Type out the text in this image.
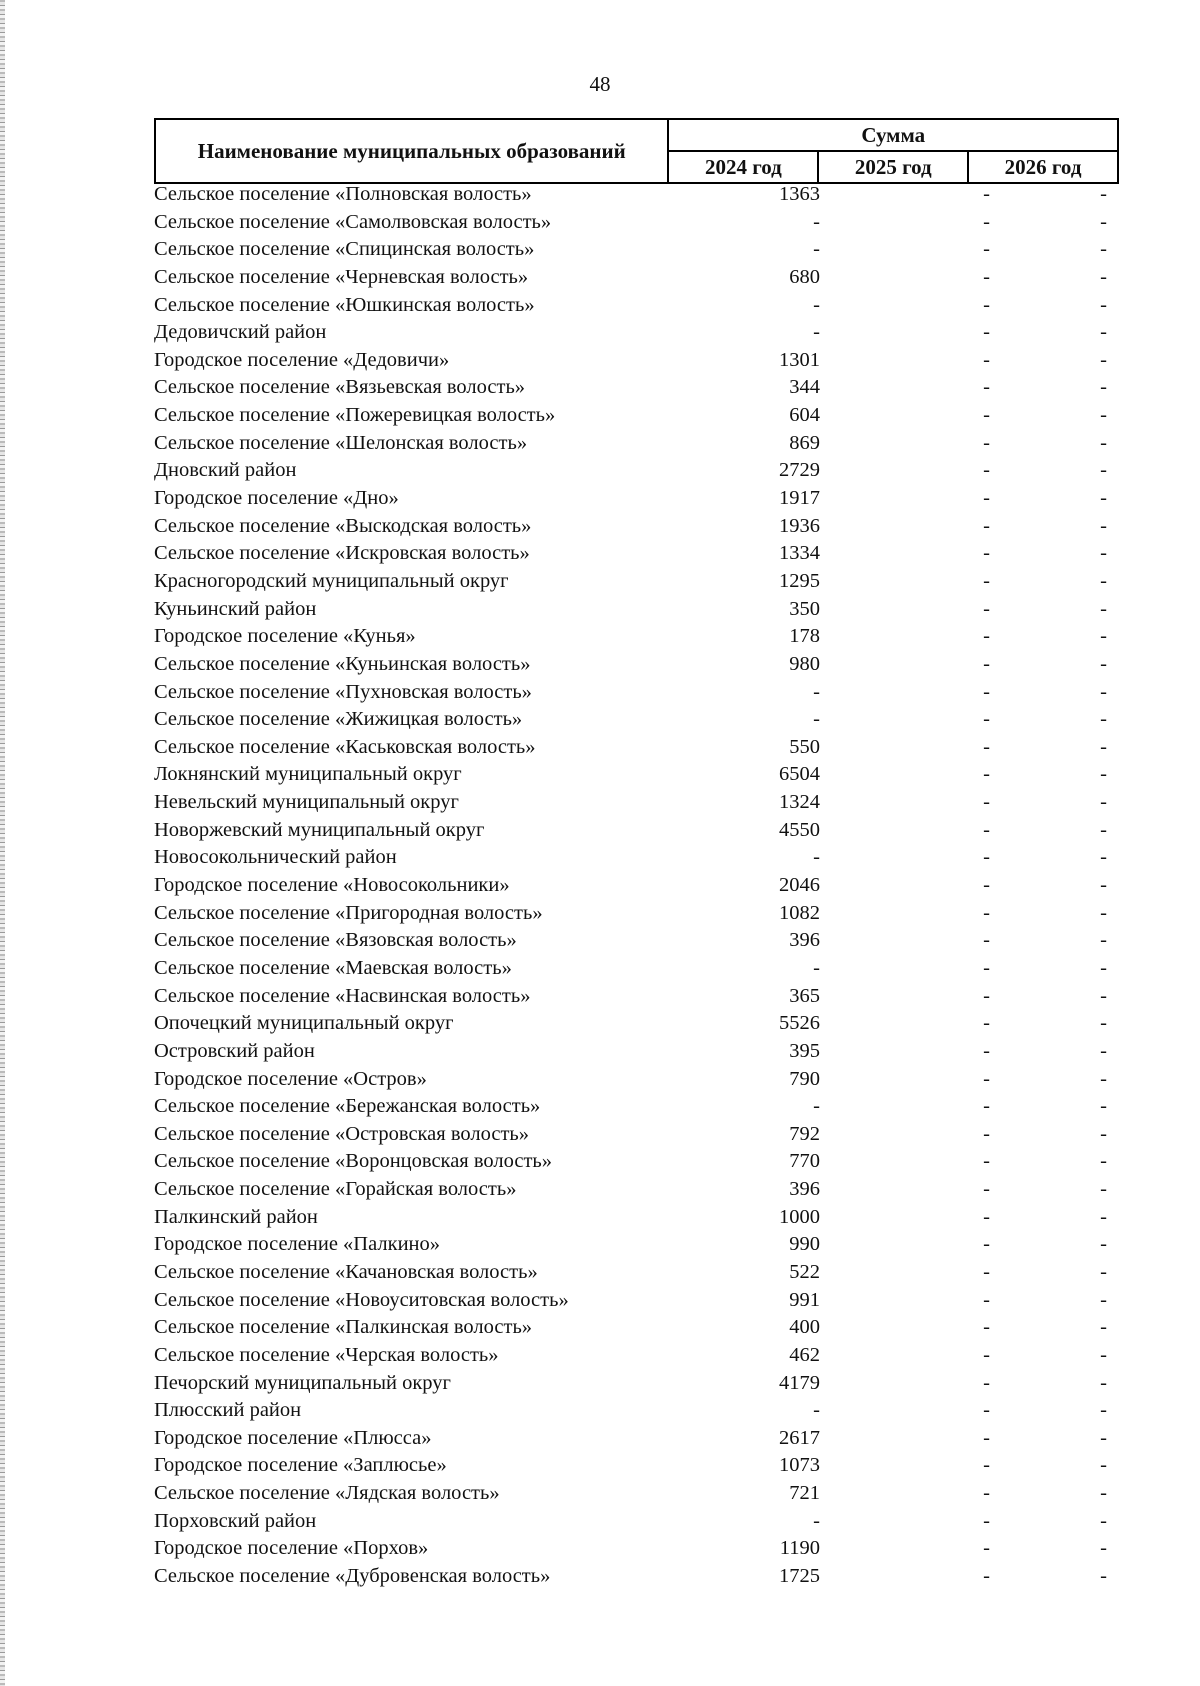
48
Наименование муниципальных образований	Сумма		
	2024 год	2025 год	2026 год
Сельское поселение «Полновская волость»	1363	-	-
Сельское поселение «Самолвовская волость»	-	-	-
Сельское поселение «Спицинская волость»	-	-	-
Сельское поселение «Черневская волость»	680	-	-
Сельское поселение «Юшкинская волость»	-	-	-
Дедовичский район	-	-	-
Городское поселение «Дедовичи»	1301	-	-
Сельское поселение «Вязьевская волость»	344	-	-
Сельское поселение «Пожеревицкая волость»	604	-	-
Сельское поселение «Шелонская волость»	869	-	-
Дновский район	2729	-	-
Городское поселение «Дно»	1917	-	-
Сельское поселение «Выскодская волость»	1936	-	-
Сельское поселение «Искровская волость»	1334	-	-
Красногородский муниципальный округ	1295	-	-
Куньинский район	350	-	-
Городское поселение «Кунья»	178	-	-
Сельское поселение «Куньинская волость»	980	-	-
Сельское поселение «Пухновская волость»	-	-	-
Сельское поселение «Жижицкая волость»	-	-	-
Сельское поселение «Каськовская волость»	550	-	-
Локнянский муниципальный округ	6504	-	-
Невельский муниципальный округ	1324	-	-
Новоржевский муниципальный округ	4550	-	-
Новосокольнический район	-	-	-
Городское поселение «Новосокольники»	2046	-	-
Сельское поселение «Пригородная волость»	1082	-	-
Сельское поселение «Вязовская волость»	396	-	-
Сельское поселение «Маевская волость»	-	-	-
Сельское поселение «Насвинская волость»	365	-	-
Опочецкий муниципальный округ	5526	-	-
Островский район	395	-	-
Городское поселение «Остров»	790	-	-
Сельское поселение «Бережанская волость»	-	-	-
Сельское поселение «Островская волость»	792	-	-
Сельское поселение «Воронцовская волость»	770	-	-
Сельское поселение «Горайская волость»	396	-	-
Палкинский район	1000	-	-
Городское поселение «Палкино»	990	-	-
Сельское поселение «Качановская волость»	522	-	-
Сельское поселение «Новоуситовская волость»	991	-	-
Сельское поселение «Палкинская волость»	400	-	-
Сельское поселение «Черская волость»	462	-	-
Печорский муниципальный округ	4179	-	-
Плюсский район	-	-	-
Городское поселение «Плюсса»	2617	-	-
Городское поселение «Заплюсье»	1073	-	-
Сельское поселение «Лядская волость»	721	-	-
Порховский район	-	-	-
Городское поселение «Порхов»	1190	-	-
Сельское поселение «Дубровенская волость»	1725	-	-
